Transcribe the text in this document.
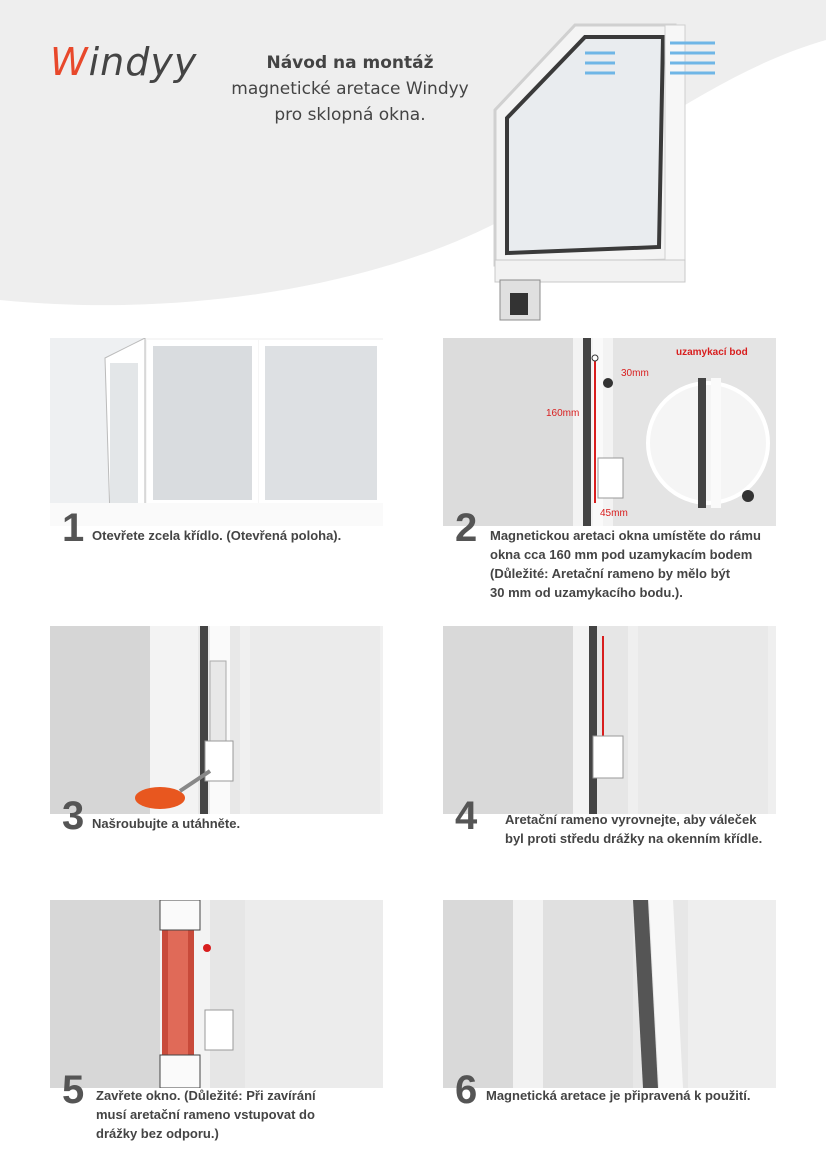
Windyy	Návod na montáž
magnetické aretace Windyy
pro sklopná okna.
1 Otevřete zcela křídlo. (Otevřená poloha).
uzamykací bod
30mm
160mm
45mm
2 Magnetickou aretaci okna umístěte do rámu
okna cca 160 mm pod uzamykacím bodem
(Důležité: Aretační rameno by mělo být
30 mm od uzamykacího bodu.).
3 Našroubujte a utáhněte.	4 Aretační rameno vyrovnejte, aby váleček
byl proti středu drážky na okenním křídle.
5 Zavřete okno. (Důležité: Při zavírání
musí aretační rameno vstupovat do
drážky bez odporu.)
6 Magnetická aretace je připravená k použití.
